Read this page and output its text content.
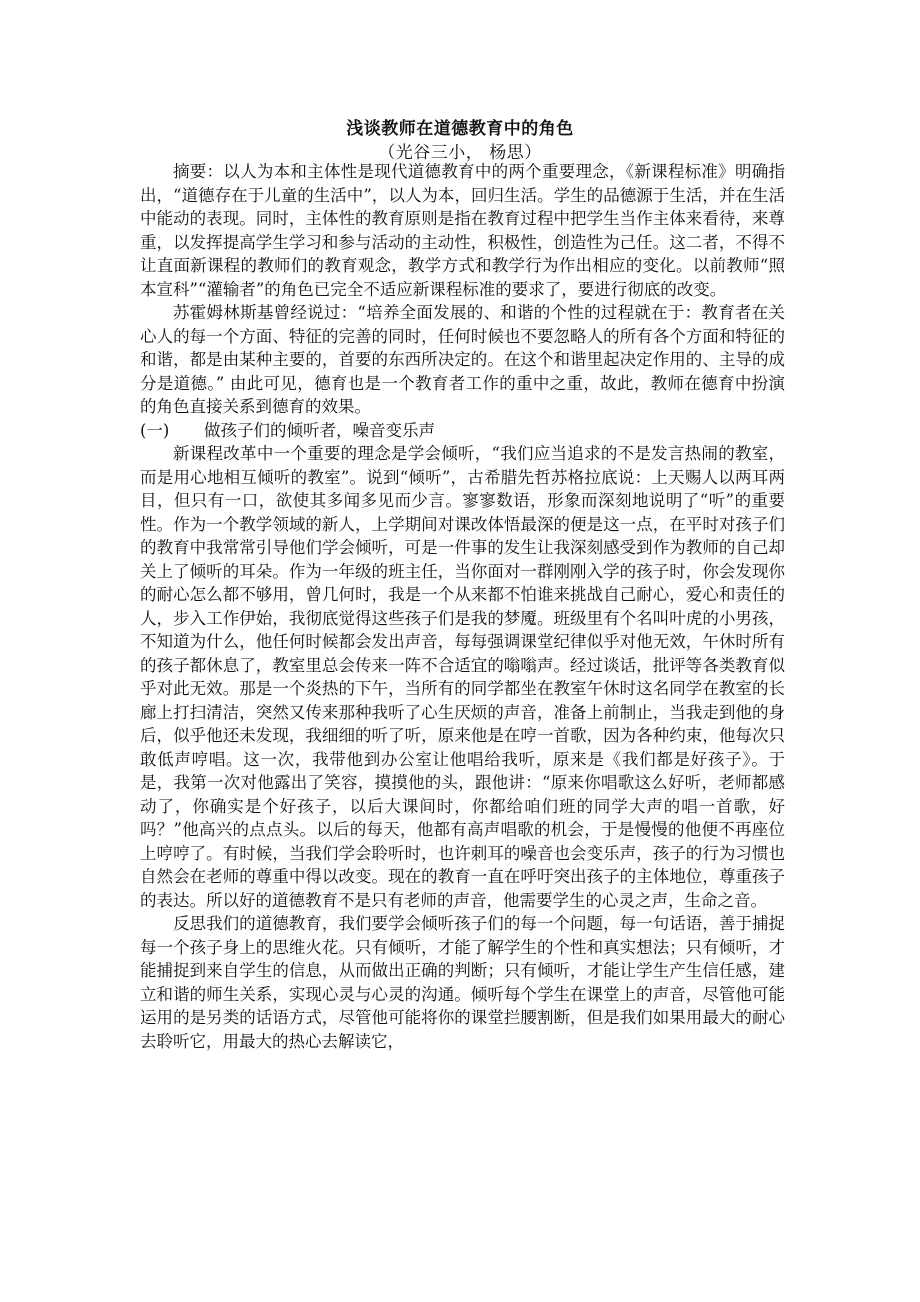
浅谈教师在道德教育中的角色
（光谷三小， 杨思）

摘要：以人为本和主体性是现代道德教育中的两个重要理念，《新课程标准》明确指出，“道德存在于儿童的生活中”，以人为本，回归生活。学生的品德源于生活，并在生活中能动的表现。同时，主体性的教育原则是指在教育过程中把学生当作主体来看待，来尊重，以发挥提高学生学习和参与活动的主动性，积极性，创造性为己任。这二者，不得不让直面新课程的教师们的教育观念，教学方式和教学行为作出相应的变化。以前教师“照本宣科”“灌输者”的角色已完全不适应新课程标准的要求了，要进行彻底的改变。

苏霍姆林斯基曾经说过：“培养全面发展的、和谐的个性的过程就在于：教育者在关心人的每一个方面、特征的完善的同时，任何时候也不要忽略人的所有各个方面和特征的和谐，都是由某种主要的，首要的东西所决定的。在这个和谐里起决定作用的、主导的成分是道德。” 由此可见，德育也是一个教育者工作的重中之重，故此，教师在德育中扮演的角色直接关系到德育的效果。

(一) 做孩子们的倾听者，噪音变乐声

新课程改革中一个重要的理念是学会倾听，“我们应当追求的不是发言热闹的教室，而是用心地相互倾听的教室”。说到“倾听”，古希腊先哲苏格拉底说：上天赐人以两耳两目，但只有一口，欲使其多闻多见而少言。寥寥数语，形象而深刻地说明了“听”的重要性。作为一个教学领域的新人，上学期间对课改体悟最深的便是这一点，在平时对孩子们的教育中我常常引导他们学会倾听，可是一件事的发生让我深刻感受到作为教师的自己却关上了倾听的耳朵。作为一年级的班主任，当你面对一群刚刚入学的孩子时，你会发现你的耐心怎么都不够用，曾几何时，我是一个从来都不怕谁来挑战自己耐心，爱心和责任的人，步入工作伊始，我彻底觉得这些孩子们是我的梦魇。班级里有个名叫叶虎的小男孩，不知道为什么，他任何时候都会发出声音，每每强调课堂纪律似乎对他无效，午休时所有的孩子都休息了，教室里总会传来一阵不合适宜的嗡嗡声。经过谈话，批评等各类教育似乎对此无效。那是一个炎热的下午，当所有的同学都坐在教室午休时这名同学在教室的长廊上打扫清洁，突然又传来那种我听了心生厌烦的声音，准备上前制止，当我走到他的身后，似乎他还未发现，我细细的听了听，原来他是在哼一首歌，因为各种约束，他每次只敢低声哼唱。这一次，我带他到办公室让他唱给我听，原来是《我们都是好孩子》。于是，我第一次对他露出了笑容，摸摸他的头，跟他讲：“原来你唱歌这么好听，老师都感动了，你确实是个好孩子，以后大课间时，你都给咱们班的同学大声的唱一首歌，好吗？”他高兴的点点头。以后的每天，他都有高声唱歌的机会，于是慢慢的他便不再座位上哼哼了。有时候，当我们学会聆听时，也许刺耳的噪音也会变乐声，孩子的行为习惯也自然会在老师的尊重中得以改变。现在的教育一直在呼吁突出孩子的主体地位，尊重孩子的表达。所以好的道德教育不是只有老师的声音，他需要学生的心灵之声，生命之音。

反思我们的道德教育，我们要学会倾听孩子们的每一个问题，每一句话语，善于捕捉每一个孩子身上的思维火花。只有倾听，才能了解学生的个性和真实想法；只有倾听，才能捕捉到来自学生的信息，从而做出正确的判断；只有倾听，才能让学生产生信任感，建立和谐的师生关系，实现心灵与心灵的沟通。倾听每个学生在课堂上的声音，尽管他可能运用的是另类的话语方式，尽管他可能将你的课堂拦腰割断，但是我们如果用最大的耐心去聆听它，用最大的热心去解读它，
